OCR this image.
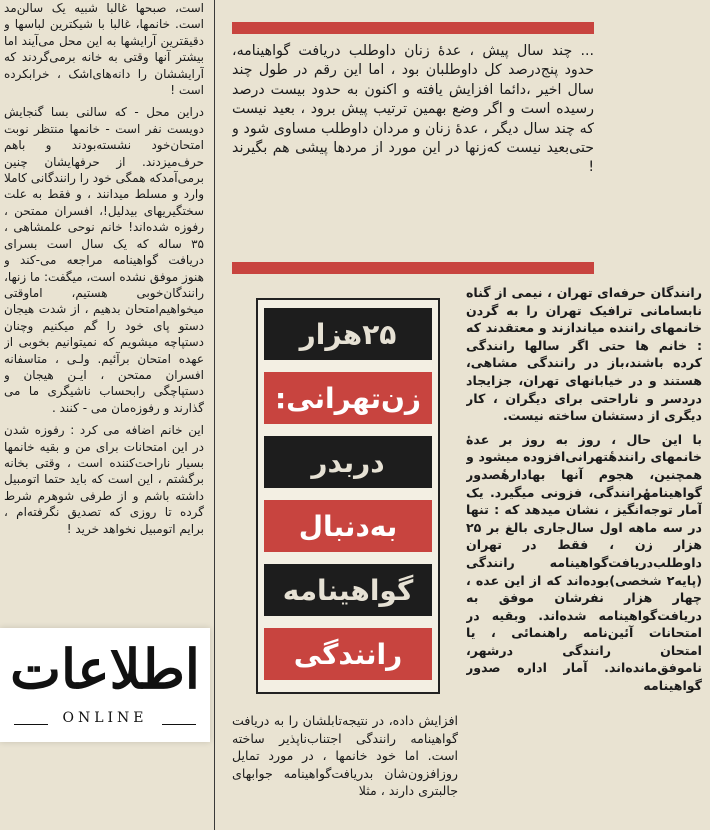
است، صبحها غالبا شبیه یک سالن‌مد است. خانمها، غالبا با شیکترین لباسها و دقیقترین آرایشها به این محل می‌آیند اما بیشتر آنها وقتی به خانه برمی‌گردند که آرایششان را دانه‌های‌اشک ، خرابکرده است !

دراین محل - که سالنی بسا گنجایش دویست نفر است - خانمها منتظر نوبت امتحان‌خود نشسته‌بودند و باهم حرف‌میزدند. از حرفهایشان چنین برمی‌آمدکه همگی خود را رانندگانی کاملا وارد و مسلط میدانند ، و فقط به علت سختگیریهای بیدلیل!، افسران ممتحن ، رفوزه شده‌اند! خانم نوحی علمشاهی ، ۳۵ ساله که یک سال است بسرای دریافت گواهینامه مراجعه می-کند و هنوز موفق نشده است، میگفت: ما زنها، رانندگان‌خوبی هستیم، اماوقتی میخواهیم‌امتحان بدهیم ، از شدت هیجان دستو پای خود را گم میکنیم وچنان دستپاچه میشویم که نمیتوانیم بخوبی از عهده امتحان برآئیم. ولـی ، متاسفانه افسران ممتحن ، ایـن هیجان و دستپاچگی رابحساب ناشیگری ما می گذارند و رفوزه‌مان می - کنند .

این خانم اضافه می کرد : رفوزه شدن در این امتحانات برای من و بقیه خانمها بسیار ناراحت‌کننده است ، وقتی بخانه برگشتم ، این است که باید حتما اتومبیل داشته باشم و از طرفی شوهرم شرط گرده تا روزی که تصدیق نگرفته‌ام ، برایم اتومبیل نخواهد خرید !

... چند سال پیش ، عدهٔ زنان داوطلب دریافت گواهینامه، حدود پنج‌درصد کل داوطلبان بود ، اما این رقم در طول چند سال اخیر ،دائما افزایش یافته و اکنون به حدود بیست درصد رسیده است و اگر وضع بهمین ترتیب پیش برود ، بعید نیست که چند سال دیگر ، عدهٔ زنان و مردان داوطلب مساوی شود و حتی‌بعید نیست که‌زنها در این مورد از مردها پیشی هم بگیرند !

۲۵هزار
زن‌تهرانی:
دربدر
به‌دنبال
گواهینامه
رانندگی

رانندگان حرفه‌ای تهران ، نیمی از گناه نابسامانی ترافیک تهران را به گردن خانمهای راننده میاندازند و معتقدند که : خانم ها حتی اگر سالها رانندگی کرده باشند،باز در رانندگی مشاهی، هستند و در خیابانهای تهران، جزایجاد دردسر و ناراحتی برای دیگران ، کار دیگری از دستشان ساخته نیست.

با این حال ، روز به روز بر عدهٔ خانمهای رانندهٔتهرانی‌افزوده میشود و همچنین، هجوم آنها بهادارهٔصدور گواهینامهٔرانندگی، فزونی میگیرد. یک آمار توجه‌انگیز ، نشان میدهد که : تنها در سه ماهه اول سال‌جاری بالغ بر ۲۵ هزار زن ، فقط در تهران داوطلب‌دریافت‌گواهینامه رانندگی (پایه۲ شخصی)بوده‌اند که از این عده ، چهار هزار نفرشان موفق به دریافت‌گواهینامه شده‌اند. وبقیه در امتحانات آئین‌نامه راهنمائی ، یا امتحان رانندگی درشهر، ناموفق‌مانده‌اند. آمار اداره صدور گواهینامه

افزایش داده، در نتیجه‌تابلشان را به دریافت گواهینامه رانندگی اجتناب‌ناپذیر ساخته است. اما خود خانمها ، در مورد تمایل روزافزون‌شان بدریافت‌گواهینامه جوابهای جالبتری دارند ، مثلا

اطلاعات
ONLINE
